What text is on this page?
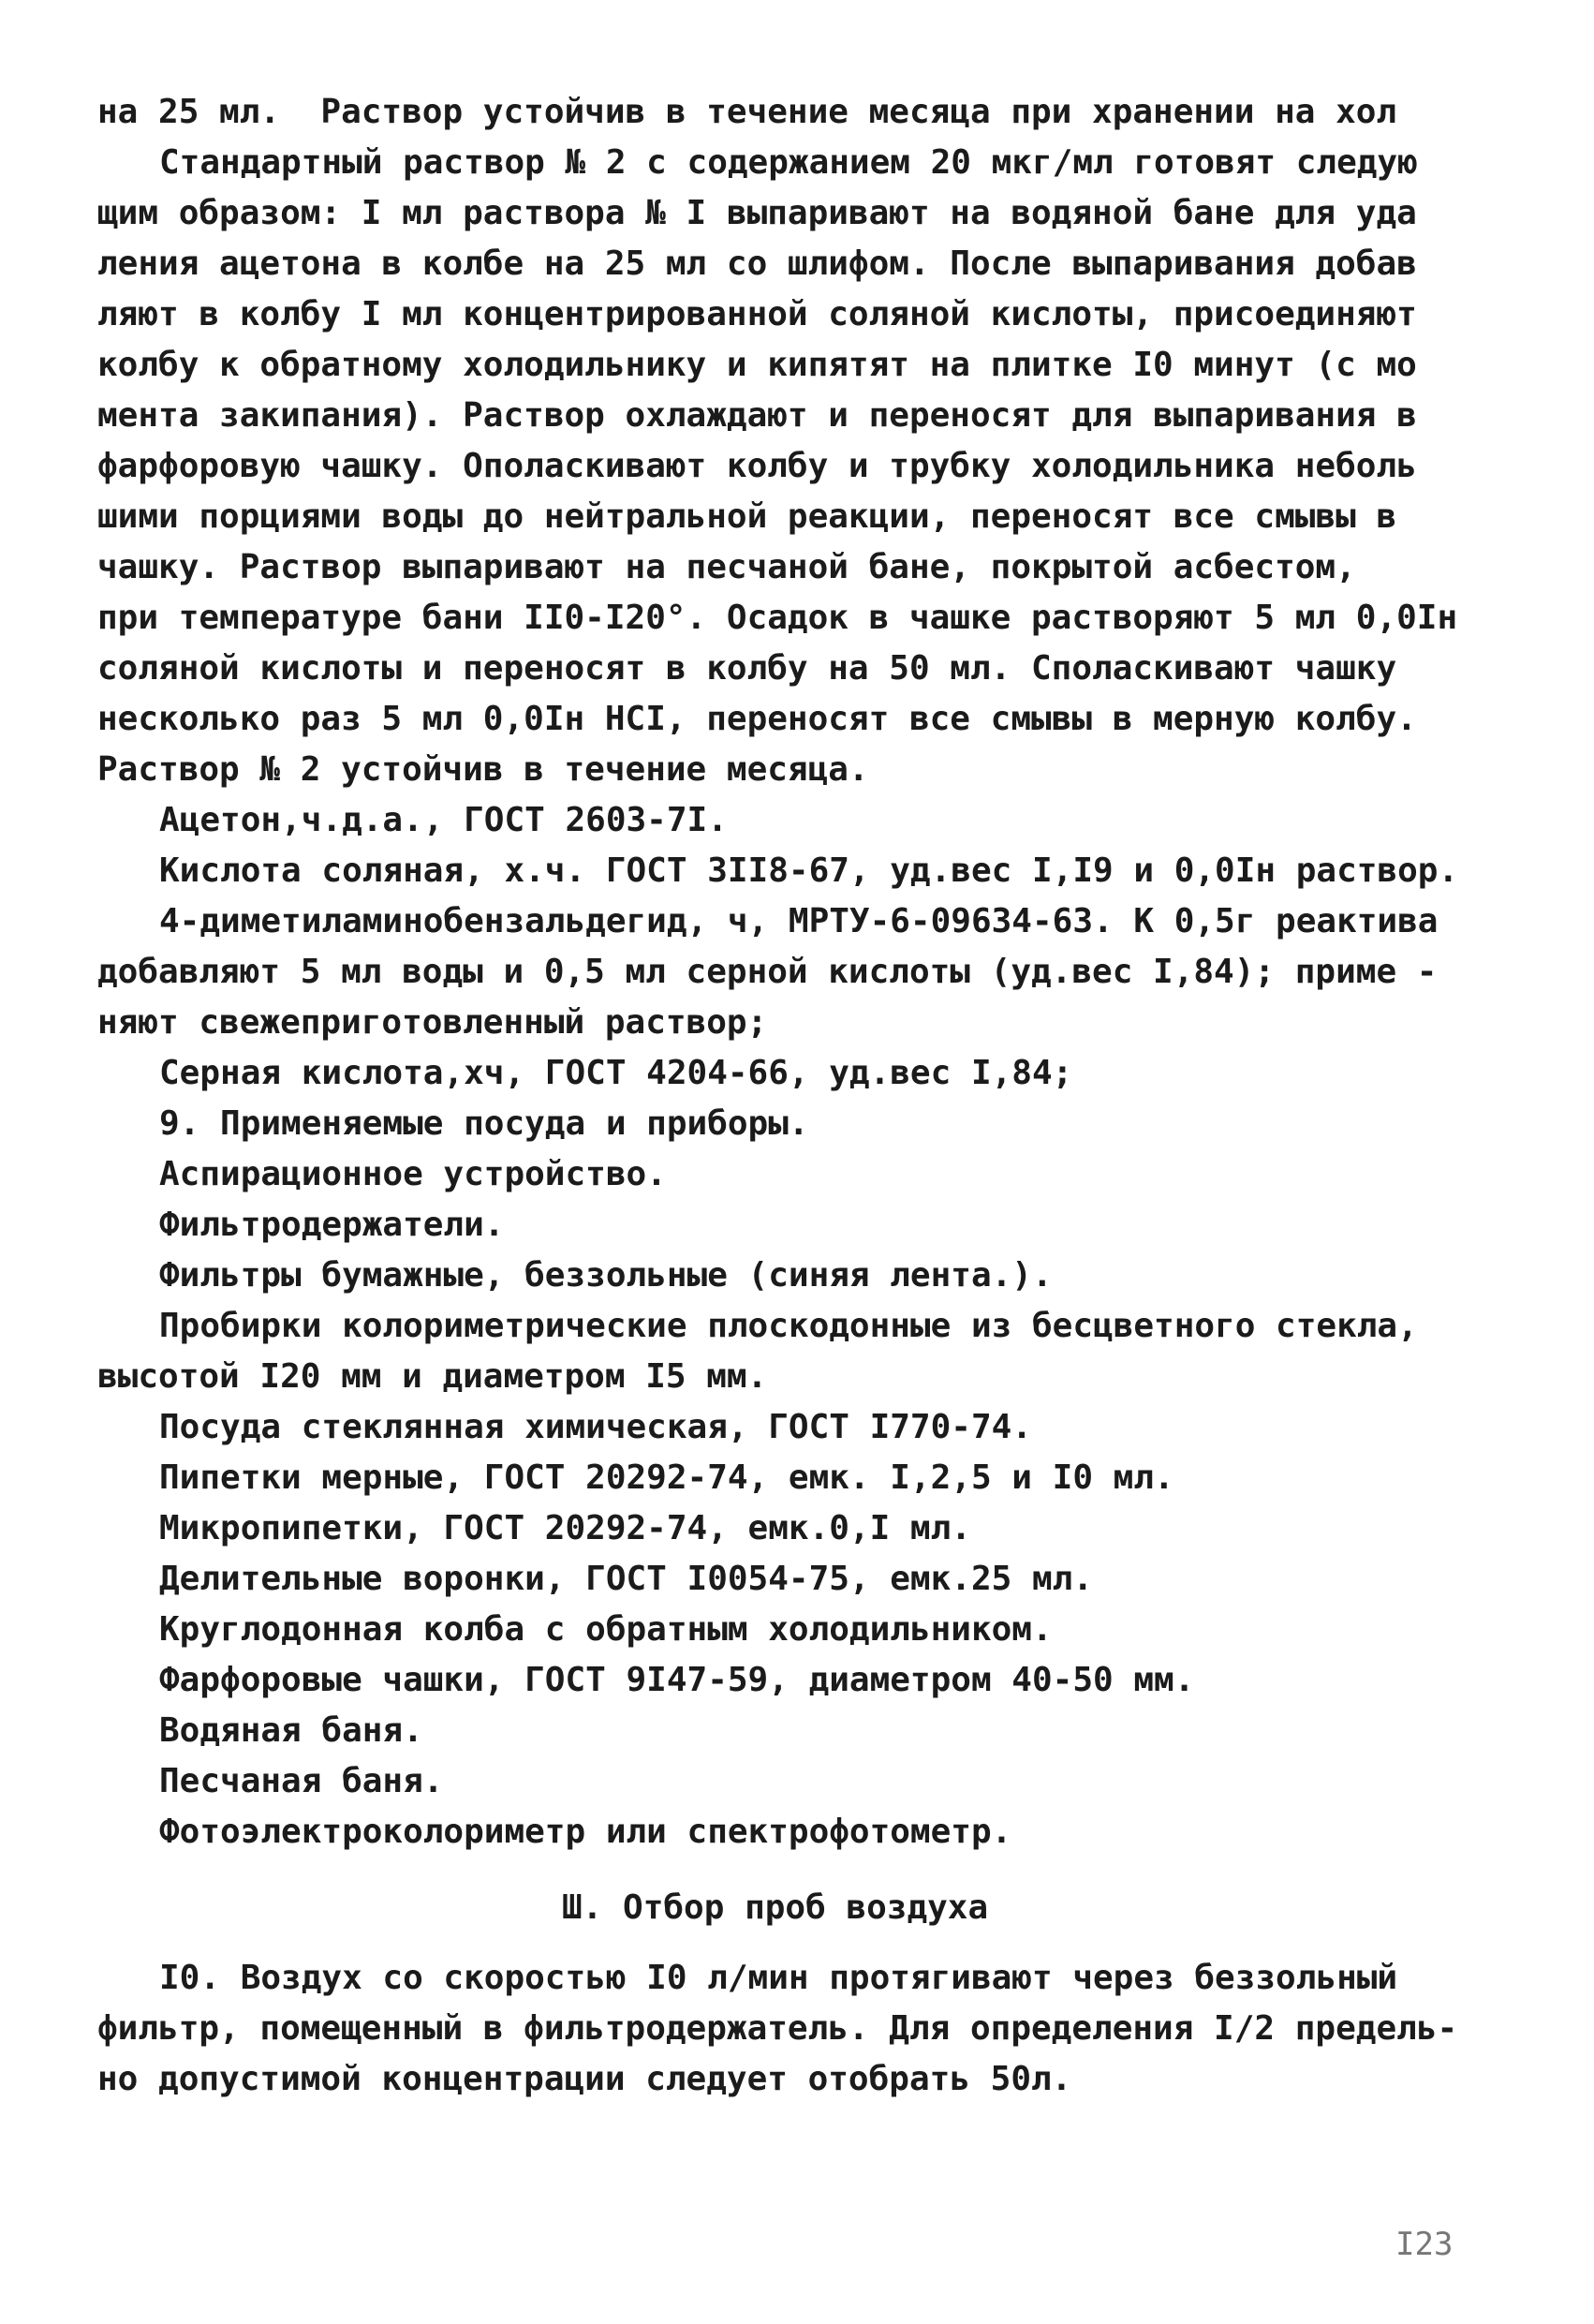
на 25 мл.  Раствор устойчив в течение месяца при хранении на хол
Стандартный раствор № 2 с содержанием 20 мкг/мл готовят следую
щим образом: I мл раствора № I выпаривают на водяной бане для уда
ления ацетона в колбе на 25 мл со шлифом. После выпаривания добав
ляют в колбу I мл концентрированной соляной кислоты, присоединяют
колбу к обратному холодильнику и кипятят на плитке I0 минут (с мо
мента закипания). Раствор охлаждают и переносят для выпаривания в
фарфоровую чашку. Ополаскивают колбу и трубку холодильника неболь
шими порциями воды до нейтральной реакции, переносят все смывы в
чашку. Раствор выпаривают на песчаной бане, покрытой асбестом,
при температуре бани II0-I20°. Осадок в чашке растворяют 5 мл 0,0Iн
соляной кислоты и переносят в колбу на 50 мл. Споласкивают чашку
несколько раз 5 мл 0,0Iн HCI, переносят все смывы в мерную колбу.
Раствор № 2 устойчив в течение месяца.
Ацетон,ч.д.а., ГОСТ 2603-7I.
Кислота соляная, х.ч. ГОСТ 3II8-67, уд.вес I,I9 и 0,0Iн раствор.
4-диметиламинобензальдегид, ч, МРТУ-6-09634-63. К 0,5г реактива
добавляют 5 мл воды и 0,5 мл серной кислоты (уд.вес I,84); приме -
няют свежеприготовленный раствор;
Серная кислота,хч, ГОСТ 4204-66, уд.вес I,84;
9. Применяемые посуда и приборы.
Аспирационное устройство.
Фильтродержатели.
Фильтры бумажные, беззольные (синяя лента.).
Пробирки колориметрические плоскодонные из бесцветного стекла,
высотой I20 мм и диаметром I5 мм.
Посуда стеклянная химическая, ГОСТ I770-74.
Пипетки мерные, ГОСТ 20292-74, емк. I,2,5 и I0 мл.
Микропипетки, ГОСТ 20292-74, емк.0,I мл.
Делительные воронки, ГОСТ I0054-75, емк.25 мл.
Круглодонная колба с обратным холодильником.
Фарфоровые чашки, ГОСТ 9I47-59, диаметром 40-50 мм.
Водяная баня.
Песчаная баня.
Фотоэлектроколориметр или спектрофотометр.
Ш. Отбор проб воздуха
I0. Воздух со скоростью I0 л/мин протягивают через беззольный
фильтр, помещенный в фильтродержатель. Для определения I/2 предель-
но допустимой концентрации следует отобрать 50л.
I23
